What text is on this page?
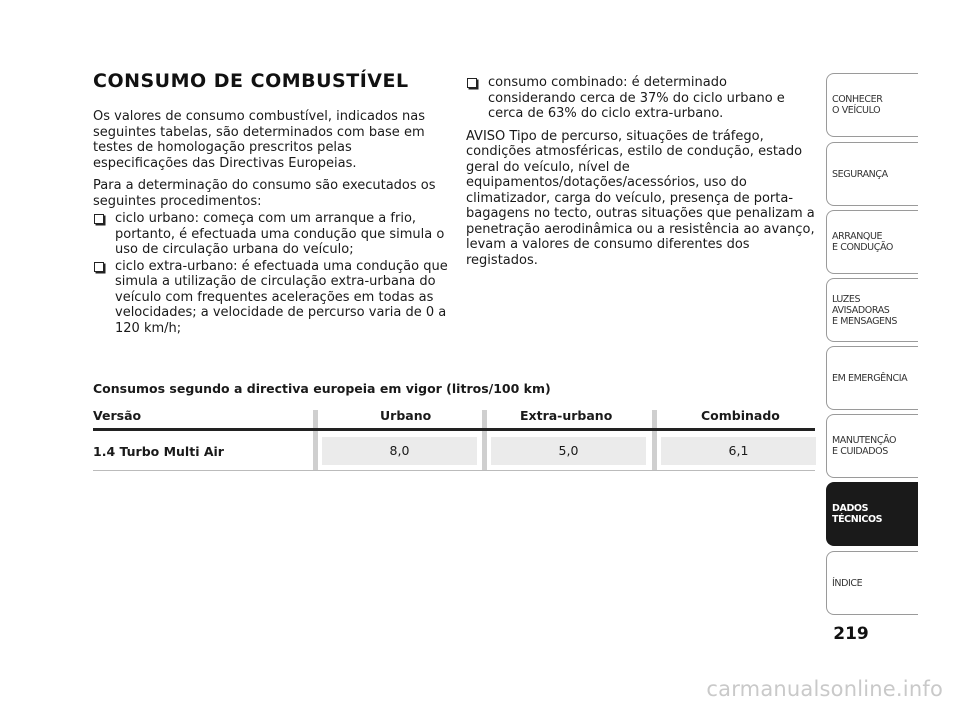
CONSUMO DE COMBUSTÍVEL

Os valores de consumo combustível, indicados nas seguintes tabelas, são determinados com base em testes de homologação prescritos pelas especificações das Directivas Europeias.

Para a determinação do consumo são executados os seguintes procedimentos:

ciclo urbano: começa com um arranque a frio, portanto, é efectuada uma condução que simula o uso de circulação urbana do veículo;
ciclo extra-urbano: é efectuada uma condução que simula a utilização de circulação extra-urbana do veículo com frequentes acelerações em todas as velocidades; a velocidade de percurso varia de 0 a 120 km/h;
consumo combinado: é determinado considerando cerca de 37% do ciclo urbano e cerca de 63% do ciclo extra-urbano.

AVISO Tipo de percurso, situações de tráfego, condições atmosféricas, estilo de condução, estado geral do veículo, nível de equipamentos/dotações/acessórios, uso do climatizador, carga do veículo, presença de porta-bagagens no tecto, outras situações que penalizam a penetração aerodinâmica ou a resistência ao avanço, levam a valores de consumo diferentes dos registados.

Consumos segundo a directiva europeia em vigor (litros/100 km)
Versão	Urbano	Extra-urbano	Combinado
1.4 Turbo Multi Air	8,0	5,0	6,1
CONHECER
O VEÍCULO
SEGURANÇA
ARRANQUE
E CONDUÇÃO
LUZES
AVISADORAS
E MENSAGENS
EM EMERGÊNCIA
MANUTENÇÃO
E CUIDADOS
DADOS
TÉCNICOS
ÍNDICE
219
carmanualsonline.info
